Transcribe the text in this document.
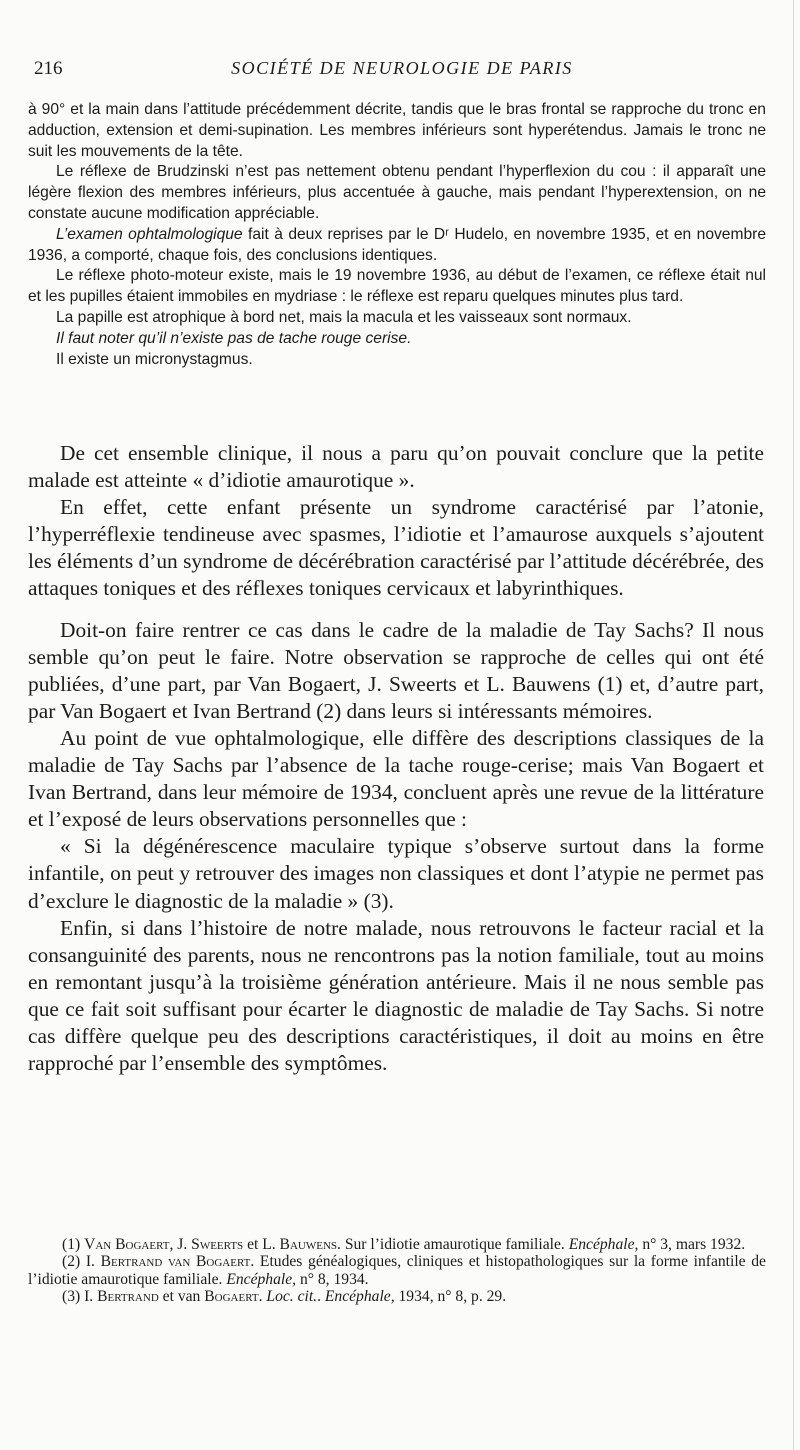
216	SOCIÉTÉ DE NEUROLOGIE DE PARIS

à 90° et la main dans l’attitude précédemment décrite, tandis que le bras frontal se rapproche du tronc en adduction, extension et demi-supination. Les membres inférieurs sont hyperétendus. Jamais le tronc ne suit les mouvements de la tête.

Le réflexe de Brudzinski n’est pas nettement obtenu pendant l’hyperflexion du cou : il apparaît une légère flexion des membres inférieurs, plus accentuée à gauche, mais pendant l’hyperextension, on ne constate aucune modification appréciable.

L’examen ophtalmologique fait à deux reprises par le Dʳ Hudelo, en novembre 1935, et en novembre 1936, a comporté, chaque fois, des conclusions identiques.

Le réflexe photo-moteur existe, mais le 19 novembre 1936, au début de l’examen, ce réflexe était nul et les pupilles étaient immobiles en mydriase : le réflexe est reparu quelques minutes plus tard.

La papille est atrophique à bord net, mais la macula et les vaisseaux sont normaux.

Il faut noter qu’il n’existe pas de tache rouge cerise.

Il existe un micronystagmus.

De cet ensemble clinique, il nous a paru qu’on pouvait conclure que la petite malade est atteinte « d’idiotie amaurotique ».

En effet, cette enfant présente un syndrome caractérisé par l’atonie, l’hyperréflexie tendineuse avec spasmes, l’idiotie et l’amaurose auxquels s’ajoutent les éléments d’un syndrome de décérébration caractérisé par l’attitude décérébrée, des attaques toniques et des réflexes toniques cervicaux et labyrinthiques.

Doit-on faire rentrer ce cas dans le cadre de la maladie de Tay Sachs? Il nous semble qu’on peut le faire. Notre observation se rapproche de celles qui ont été publiées, d’une part, par Van Bogaert, J. Sweerts et L. Bauwens (1) et, d’autre part, par Van Bogaert et Ivan Bertrand (2) dans leurs si intéressants mémoires.

Au point de vue ophtalmologique, elle diffère des descriptions classiques de la maladie de Tay Sachs par l’absence de la tache rouge-cerise; mais Van Bogaert et Ivan Bertrand, dans leur mémoire de 1934, concluent après une revue de la littérature et l’exposé de leurs observations personnelles que :

« Si la dégénérescence maculaire typique s’observe surtout dans la forme infantile, on peut y retrouver des images non classiques et dont l’atypie ne permet pas d’exclure le diagnostic de la maladie » (3).

Enfin, si dans l’histoire de notre malade, nous retrouvons le facteur racial et la consanguinité des parents, nous ne rencontrons pas la notion familiale, tout au moins en remontant jusqu’à la troisième génération antérieure. Mais il ne nous semble pas que ce fait soit suffisant pour écarter le diagnostic de maladie de Tay Sachs. Si notre cas diffère quelque peu des descriptions caractéristiques, il doit au moins en être rapproché par l’ensemble des symptômes.

(1) Van Bogaert, J. Sweerts et L. Bauwens. Sur l’idiotie amaurotique familiale. Encéphale, n° 3, mars 1932.

(2) I. Bertrand van Bogaert. Etudes généalogiques, cliniques et histopathologiques sur la forme infantile de l’idiotie amaurotique familiale. Encéphale, n° 8, 1934.

(3) I. Bertrand et van Bogaert. Loc. cit.. Encéphale, 1934, n° 8, p. 29.
